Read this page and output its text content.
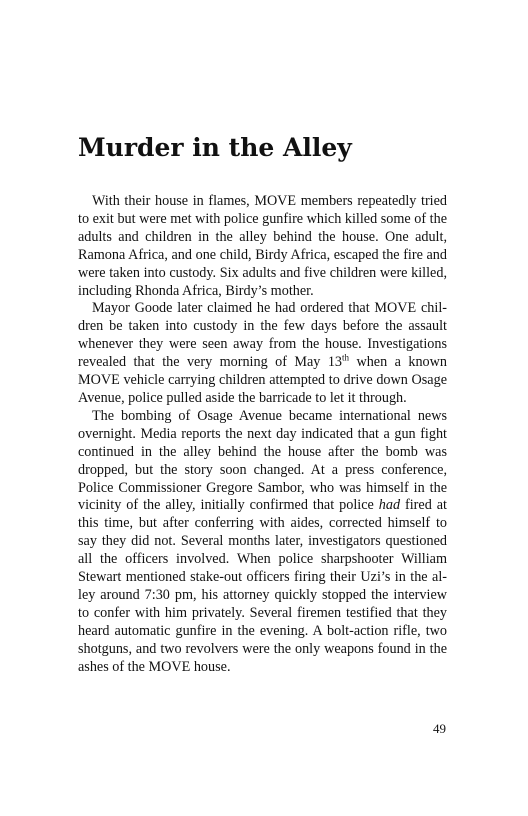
Murder in the Alley

With their house in flames, MOVE members repeatedly tried to exit but were met with police gunfire which killed some of the adults and children in the alley behind the house. One adult, Ramona Africa, and one child, Birdy Africa, escaped the fire and were taken into custody. Six adults and five children were killed, including Rhonda Africa, Birdy’s mother.

Mayor Goode later claimed he had ordered that MOVE children be taken into custody in the few days before the assault whenever they were seen away from the house. Investigations revealed that the very morning of May 13th when a known MOVE vehicle carrying children attempted to drive down Osage Avenue, police pulled aside the barricade to let it through.

The bombing of Osage Avenue became international news overnight. Media reports the next day indicated that a gun fight continued in the alley behind the house after the bomb was dropped, but the story soon changed. At a press conference, Police Commissioner Gregore Sambor, who was himself in the vicinity of the alley, initially confirmed that police had fired at this time, but after conferring with aides, corrected himself to say they did not. Several months later, investigators questioned all the officers involved. When police sharpshooter William Stewart mentioned stake-out officers firing their Uzi’s in the alley around 7:30 pm, his attorney quickly stopped the interview to confer with him privately. Several firemen testified that they heard automatic gunfire in the evening. A bolt-action rifle, two shotguns, and two revolvers were the only weapons found in the ashes of the MOVE house.

49
